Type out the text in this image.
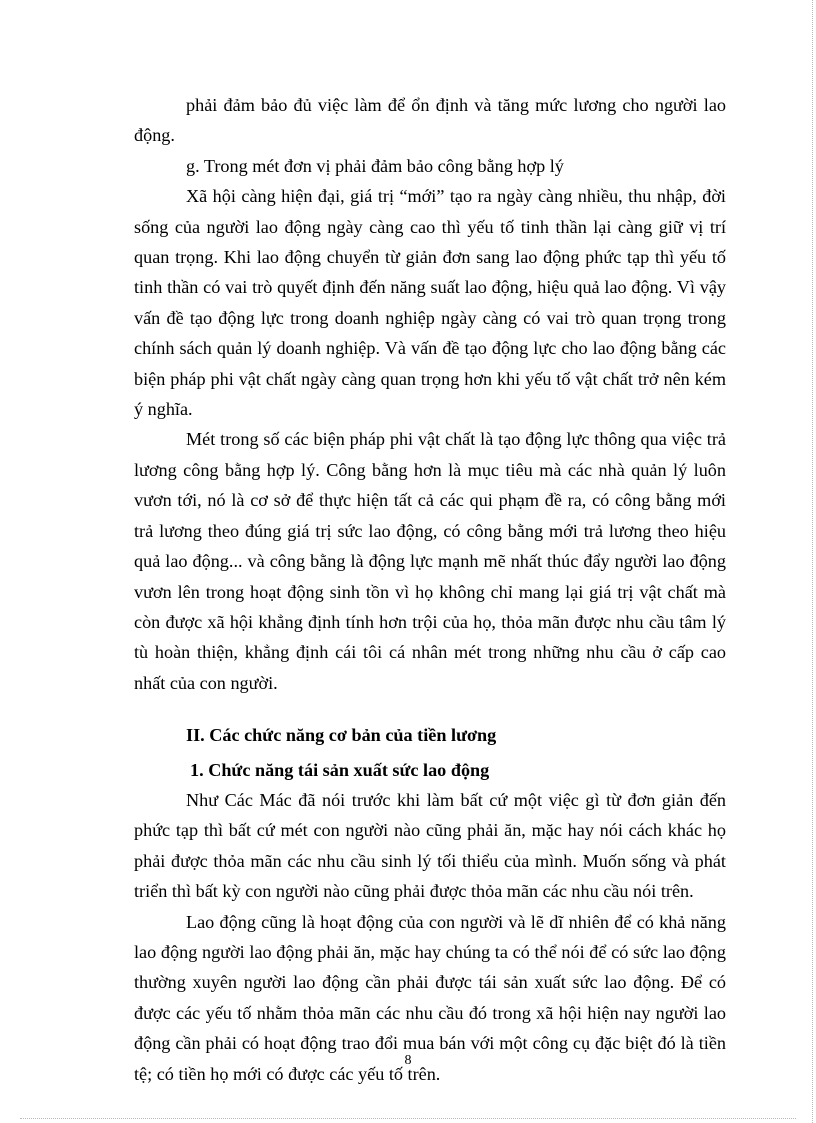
phải đảm bảo đủ việc làm để ổn định và tăng mức lương cho người lao động.

g. Trong mét đơn vị phải đảm bảo công bằng hợp lý

Xã hội càng hiện đại, giá trị “mới” tạo ra ngày càng nhiều, thu nhập, đời sống của người lao động ngày càng cao thì yếu tố tinh thần lại càng giữ vị trí quan trọng. Khi lao động chuyển từ giản đơn sang lao động phức tạp thì yếu tố tinh thần có vai trò quyết định đến năng suất lao động, hiệu quả lao động. Vì vậy vấn đề tạo động lực trong doanh nghiệp ngày càng có vai trò quan trọng trong chính sách quản lý doanh nghiệp. Và vấn đề tạo động lực cho lao động bằng các biện pháp phi vật chất ngày càng quan trọng hơn khi yếu tố vật chất trở nên kém ý nghĩa.

Mét trong số các biện pháp phi vật chất là tạo động lực thông qua việc trả lương công bằng hợp lý. Công bằng hơn là mục tiêu mà các nhà quản lý luôn vươn tới, nó là cơ sở để thực hiện tất cả các qui phạm đề ra, có công bằng mới trả lương theo đúng giá trị sức lao động, có công bằng mới trả lương theo hiệu quả lao động... và công bằng là động lực mạnh mẽ nhất thúc đẩy người lao động vươn lên trong hoạt động sinh tồn vì họ không chỉ mang lại giá trị vật chất mà còn được xã hội khẳng định tính hơn trội của họ, thỏa mãn được nhu cầu tâm lý tù hoàn thiện, khẳng định cái tôi cá nhân mét trong những nhu cầu ở cấp cao nhất của con người.

II. Các chức năng cơ bản của tiền lương

1. Chức năng tái sản xuất sức lao động

Như Các Mác đã nói trước khi làm bất cứ một việc gì từ đơn giản đến phức tạp thì bất cứ mét con người nào cũng phải ăn, mặc hay nói cách khác họ phải được thỏa mãn các nhu cầu sinh lý tối thiểu của mình. Muốn sống và phát triển thì bất kỳ con người nào cũng phải được thỏa mãn các nhu cầu nói trên.

Lao động cũng là hoạt động của con người và lẽ dĩ nhiên để có khả năng lao động người lao động phải ăn, mặc hay chúng ta có thể nói để có sức lao động thường xuyên người lao động cần phải được tái sản xuất sức lao động. Để có được các yếu tố nhằm thỏa mãn các nhu cầu đó trong xã hội hiện nay người lao động cần phải có hoạt động trao đổi mua bán với một công cụ đặc biệt đó là tiền tệ; có tiền họ mới có được các yếu tố trên.

8
